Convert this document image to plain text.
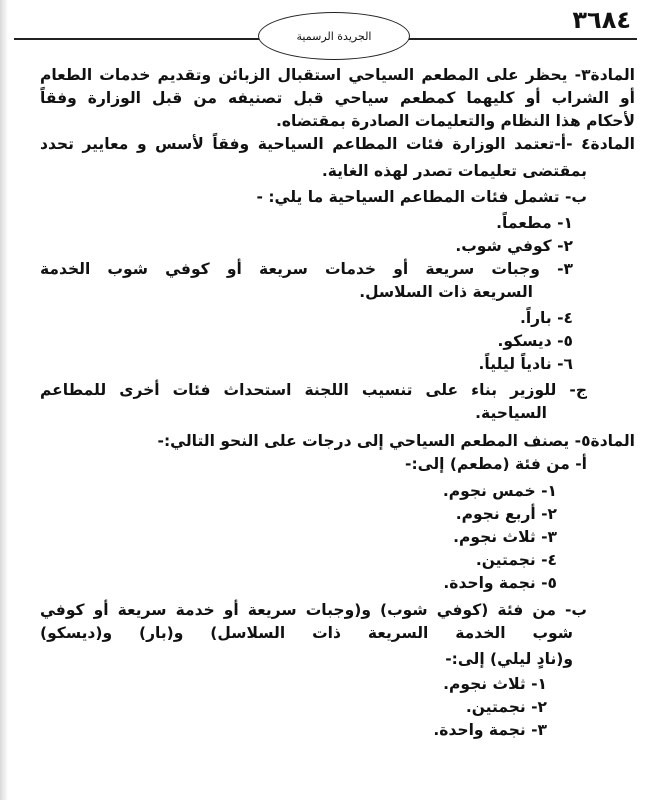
٣٦٨٤
الجريدة الرسمية
المادة٣- يحظر على المطعم السياحي استقبال الزبائن وتقديم خدمات الطعام
أو الشراب أو كليهما كمطعم سياحي قبل تصنيفه من قبل الوزارة وفقاً
لأحكام هذا النظام والتعليمات الصادرة بمقتضاه.
المادة٤ -أ-تعتمد الوزارة فئات المطاعم السياحية وفقاً لأسس و معايير تحدد
بمقتضى تعليمات تصدر لهذه الغاية.
ب- تشمل فئات المطاعم السياحية ما يلي: -
١- مطعماً.
٢- كوفي شوب.
٣- وجبات سريعة أو خدمات سريعة أو كوفي شوب الخدمة
السريعة ذات السلاسل.
٤- باراً.
٥- ديسكو.
٦- نادياً ليلياً.
ج- للوزير بناء على تنسيب اللجنة استحداث فئات أخرى للمطاعم
السياحية.
المادة٥- يصنف المطعم السياحي إلى درجات على النحو التالي:-
أ- من فئة (مطعم) إلى:-
١- خمس نجوم.
٢- أربع نجوم.
٣- ثلاث نجوم.
٤- نجمتين.
٥- نجمة واحدة.
ب- من فئة (كوفي شوب) و(وجبات سريعة أو خدمة سريعة أو كوفي
شوب الخدمة السريعة ذات السلاسل) و(بار) و(ديسكو)
و(نادٍ ليلي) إلى:-
١- ثلاث نجوم.
٢- نجمتين.
٣- نجمة واحدة.
